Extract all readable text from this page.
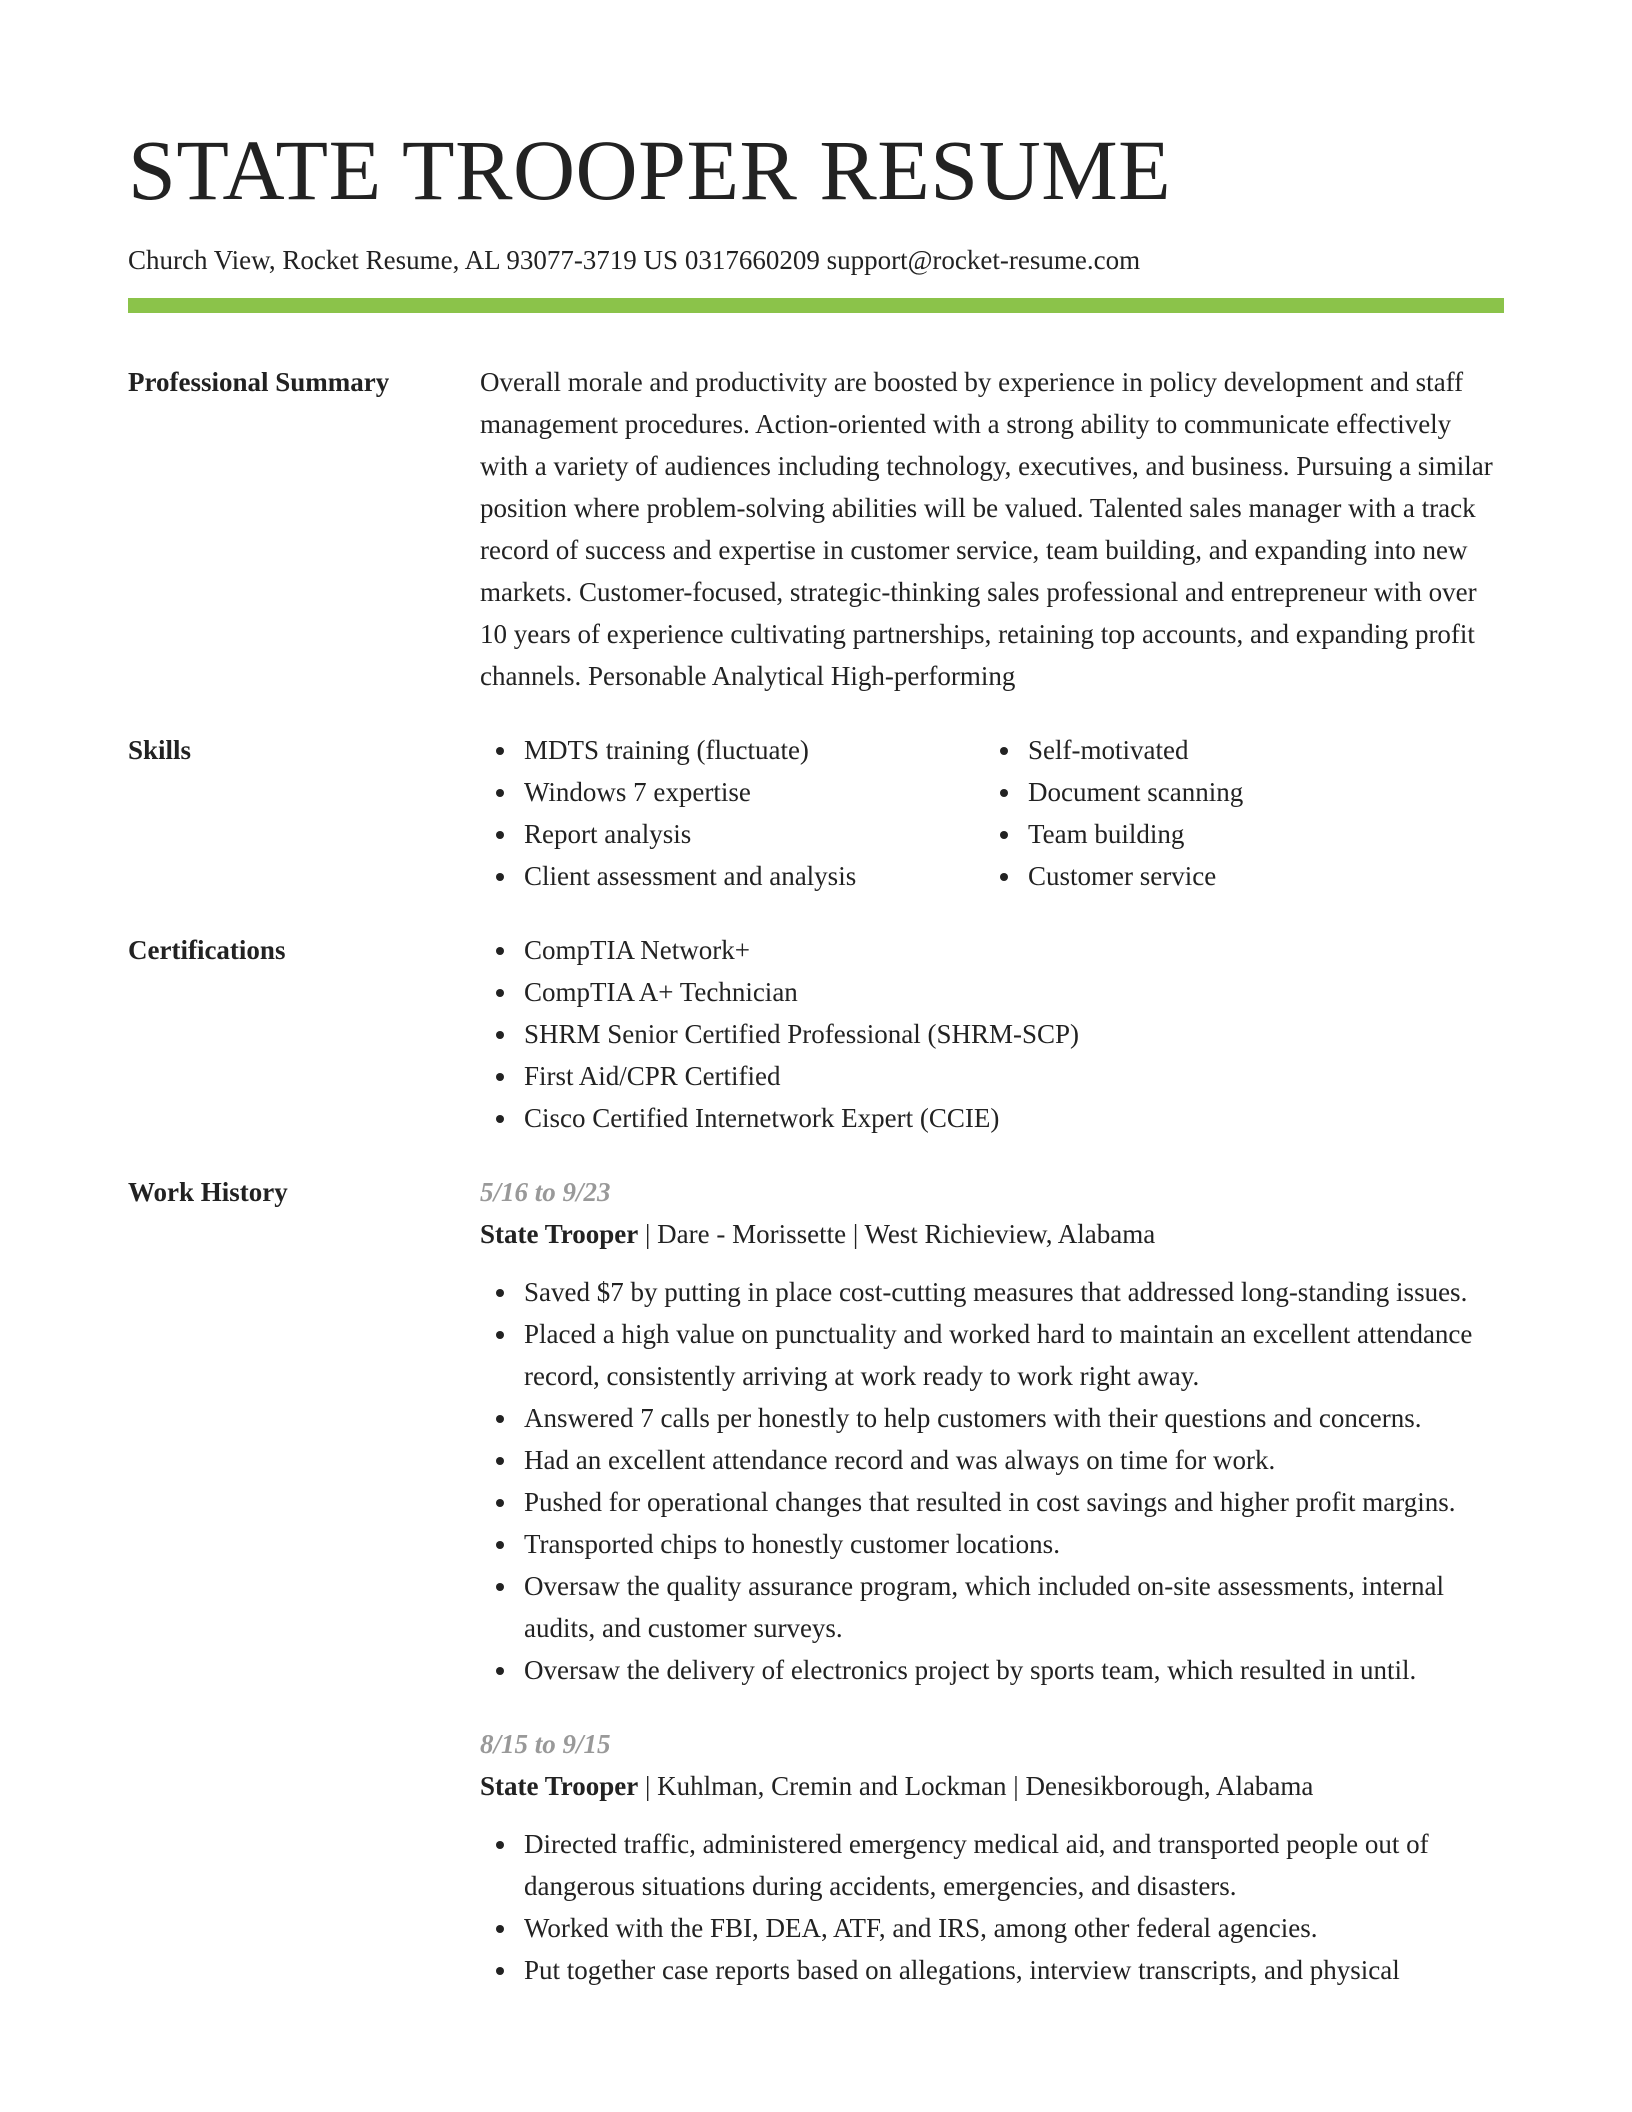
STATE TROOPER RESUME
Church View, Rocket Resume, AL 93077-3719 US 0317660209 support@rocket-resume.com
Professional Summary	Overall morale and productivity are boosted by experience in policy development and staff management procedures. Action-oriented with a strong ability to communicate effectively with a variety of audiences including technology, executives, and business. Pursuing a similar position where problem-solving abilities will be valued. Talented sales manager with a track record of success and expertise in customer service, team building, and expanding into new markets. Customer-focused, strategic-thinking sales professional and entrepreneur with over 10 years of experience cultivating partnerships, retaining top accounts, and expanding profit channels. Personable Analytical High-performing
Skills	MDTS training (fluctuate)
Windows 7 expertise
Report analysis
Client assessment and analysis
Self-motivated
Document scanning
Team building
Customer service
Certifications	CompTIA Network+
CompTIA A+ Technician
SHRM Senior Certified Professional (SHRM-SCP)
First Aid/CPR Certified
Cisco Certified Internetwork Expert (CCIE)
Work History	5/16 to 9/23
State Trooper | Dare - Morissette | West Richieview, Alabama
Saved $7 by putting in place cost-cutting measures that addressed long-standing issues.
Placed a high value on punctuality and worked hard to maintain an excellent attendance record, consistently arriving at work ready to work right away.
Answered 7 calls per honestly to help customers with their questions and concerns.
Had an excellent attendance record and was always on time for work.
Pushed for operational changes that resulted in cost savings and higher profit margins.
Transported chips to honestly customer locations.
Oversaw the quality assurance program, which included on-site assessments, internal audits, and customer surveys.
Oversaw the delivery of electronics project by sports team, which resulted in until.
8/15 to 9/15
State Trooper | Kuhlman, Cremin and Lockman | Denesikborough, Alabama
Directed traffic, administered emergency medical aid, and transported people out of dangerous situations during accidents, emergencies, and disasters.
Worked with the FBI, DEA, ATF, and IRS, among other federal agencies.
Put together case reports based on allegations, interview transcripts, and physical
